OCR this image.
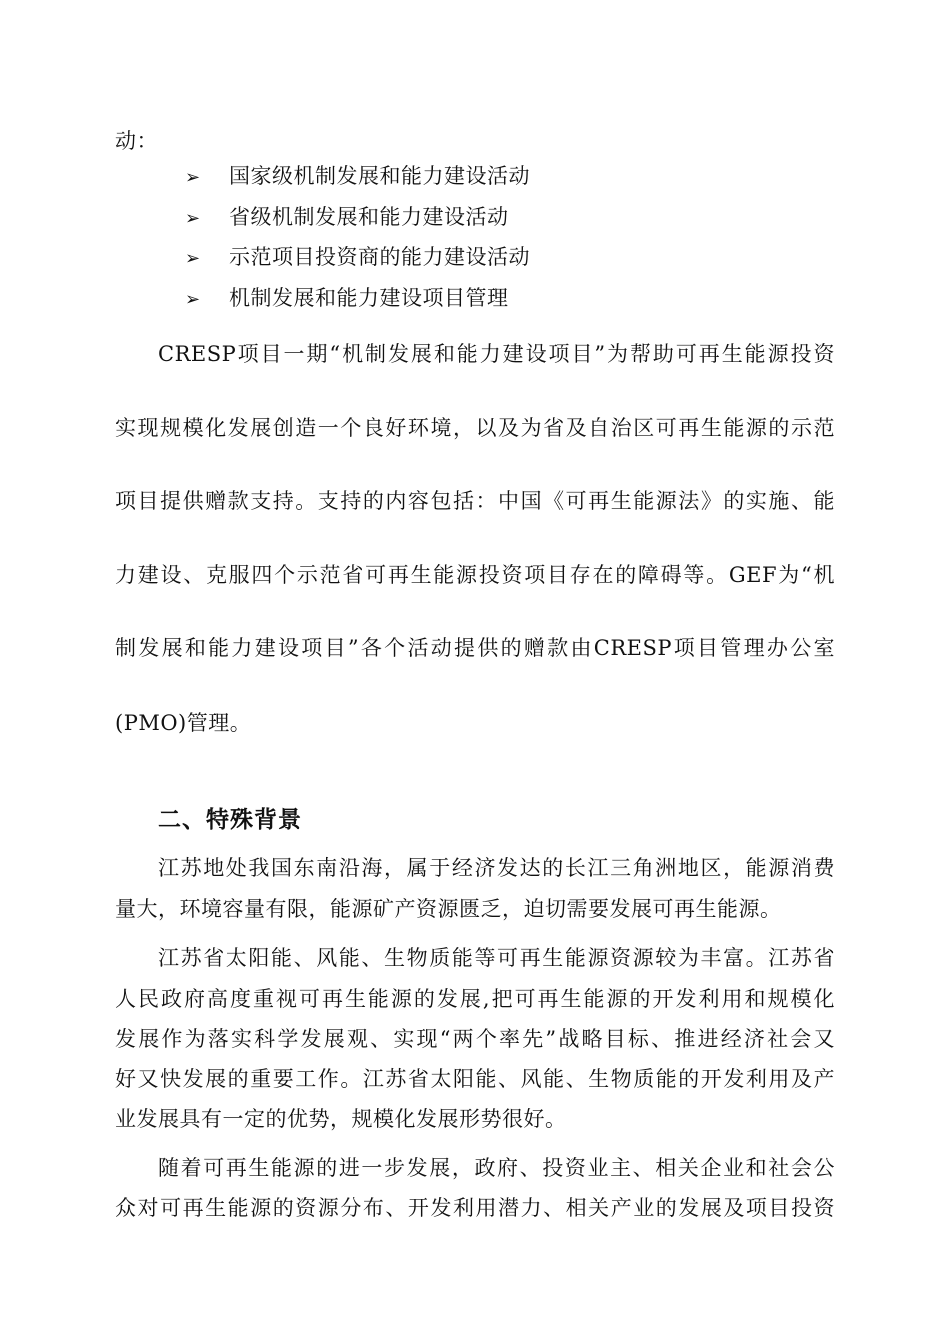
动：
➢ 国家级机制发展和能力建设活动
➢ 省级机制发展和能力建设活动
➢ 示范项目投资商的能力建设活动
➢ 机制发展和能力建设项目管理
CRESP项目一期“机制发展和能力建设项目”为帮助可再生能源投资
实现规模化发展创造一个良好环境，以及为省及自治区可再生能源的示范
项目提供赠款支持。支持的内容包括：中国《可再生能源法》的实施、能
力建设、克服四个示范省可再生能源投资项目存在的障碍等。GEF为“机
制发展和能力建设项目”各个活动提供的赠款由CRESP项目管理办公室
(PMO)管理。
二、特殊背景
江苏地处我国东南沿海，属于经济发达的长江三角洲地区，能源消费
量大，环境容量有限，能源矿产资源匮乏，迫切需要发展可再生能源。
江苏省太阳能、风能、生物质能等可再生能源资源较为丰富。江苏省
人民政府高度重视可再生能源的发展,把可再生能源的开发利用和规模化
发展作为落实科学发展观、实现“两个率先”战略目标、推进经济社会又
好又快发展的重要工作。江苏省太阳能、风能、生物质能的开发利用及产
业发展具有一定的优势，规模化发展形势很好。
随着可再生能源的进一步发展，政府、投资业主、相关企业和社会公
众对可再生能源的资源分布、开发利用潜力、相关产业的发展及项目投资
